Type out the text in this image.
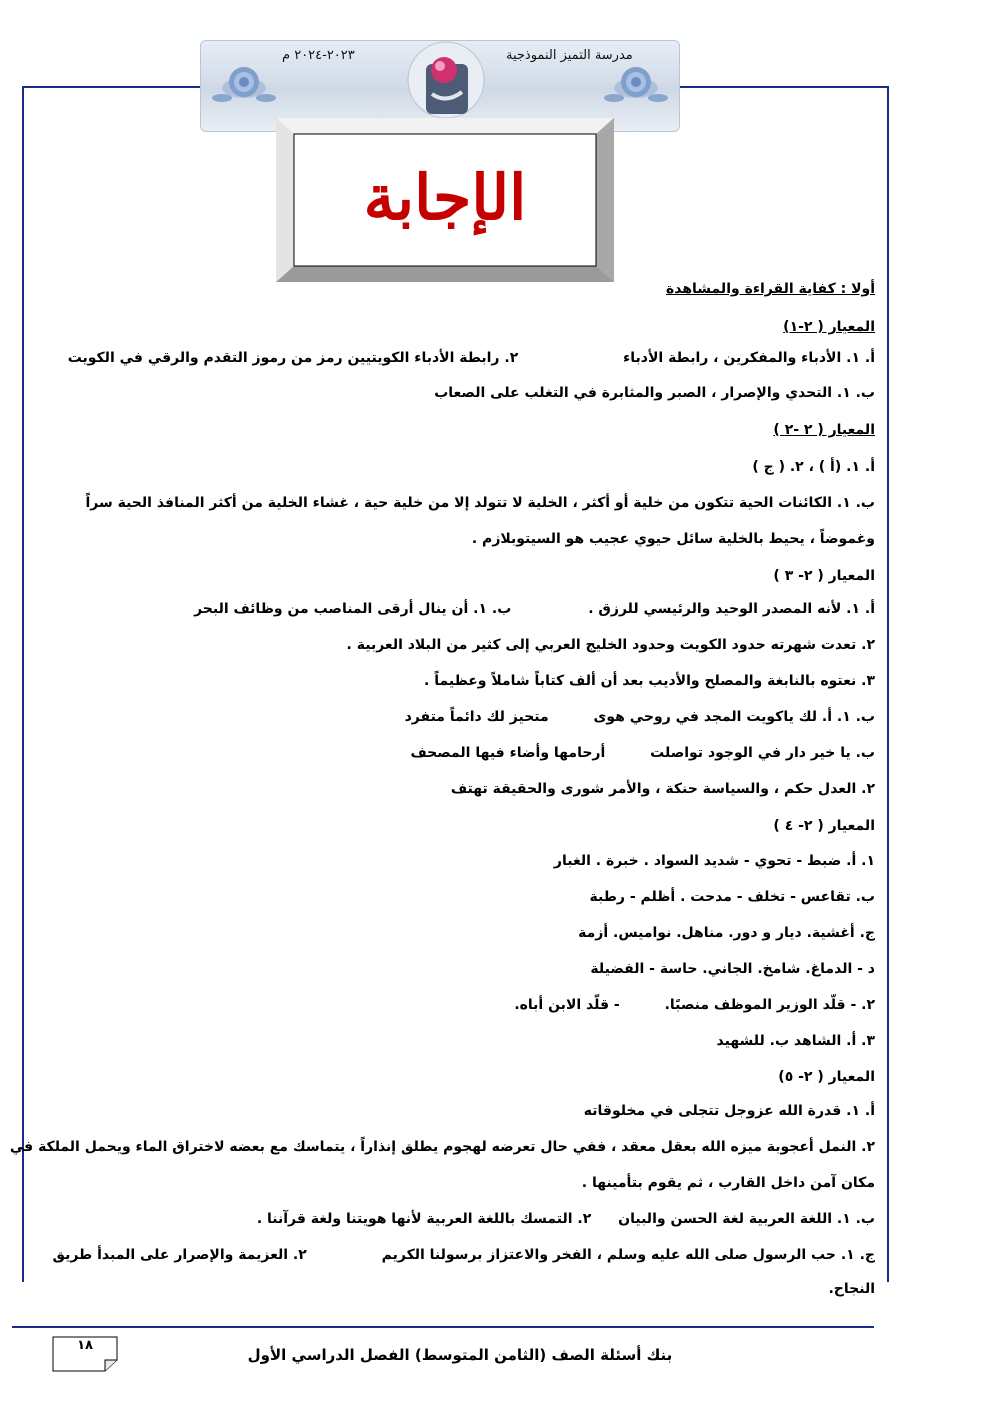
مدرسة التميز النموذجية
٢٠٢٣-٢٠٢٤ م
الإجابة
أولا : كفاية القراءة والمشاهدة
المعيار ( ٢-١)
أ. ١. الأدباء والمفكرين ، رابطة الأدباء ٢. رابطة الأدباء الكويتيين رمز من رموز التقدم والرقي في الكويت
ب. ١. التحدي والإصرار ، الصبر والمثابرة في التغلب على الصعاب
المعيار ( ٢ -٢ )
أ. ١. (أ ) ، ٢. ( ج )
ب. ١. الكائنات الحية تتكون من خلية أو أكثر ، الخلية لا تتولد إلا من خلية حية ، غشاء الخلية من أكثر المنافذ الحية سراً
وغموضاً ، يحيط بالخلية سائل حيوي عجيب هو السيتوبلازم .
المعيار ( ٢- ٣ )
أ. ١. لأنه المصدر الوحيد والرئيسي للرزق . ب. ١. أن ينال أرقى المناصب من وظائف البحر
٢. تعدت شهرته حدود الكويت وحدود الخليج العربي إلى كثير من البلاد العربية .
٣. نعتوه بالنابغة والمصلح والأديب بعد أن ألف كتاباً شاملاً وعظيماً .
ب. ١. أ. لك ياكويت المجد في روحي هوى متحيز لك دائماً متفرد
ب. يا خير دار في الوجود تواصلت أرحامها وأضاء فيها المصحف
٢. العدل حكم ، والسياسة حنكة ، والأمر شورى والحقيقة تهتف
المعيار ( ٢- ٤ )
١. أ. ضبط - تحوي - شديد السواد . خبرة . الغبار
ب. تقاعس - تخلف - مدحت . أظلم - رطبة
ج. أغشية. ديار و دور. مناهل. نواميس. أزمة
د - الدماغ. شامخ. الجاني. حاسة - الفضيلة
٢. - قلّد الوزير الموظف منصبًا. - قلّد الابن أباه.
٣. أ. الشاهد ب. للشهيد
المعيار ( ٢- ٥)
أ. ١. قدرة الله عزوجل تتجلى في مخلوقاته
٢. النمل أعجوبة ميزه الله بعقل معقد ، ففي حال تعرضه لهجوم يطلق إنذاراً ، يتماسك مع بعضه لاختراق الماء ويحمل الملكة في
مكان آمن داخل القارب ، ثم يقوم بتأمينها .
ب. ١. اللغة العربية لغة الحسن والبيان ٢. التمسك باللغة العربية لأنها هويتنا ولغة قرآننا .
ج. ١. حب الرسول صلى الله عليه وسلم ، الفخر والاعتزاز برسولنا الكريم ٢. العزيمة والإصرار على المبدأ طريق
النجاح.
١٨
بنك أسئلة الصف (الثامن المتوسط) الفصل الدراسي الأول
